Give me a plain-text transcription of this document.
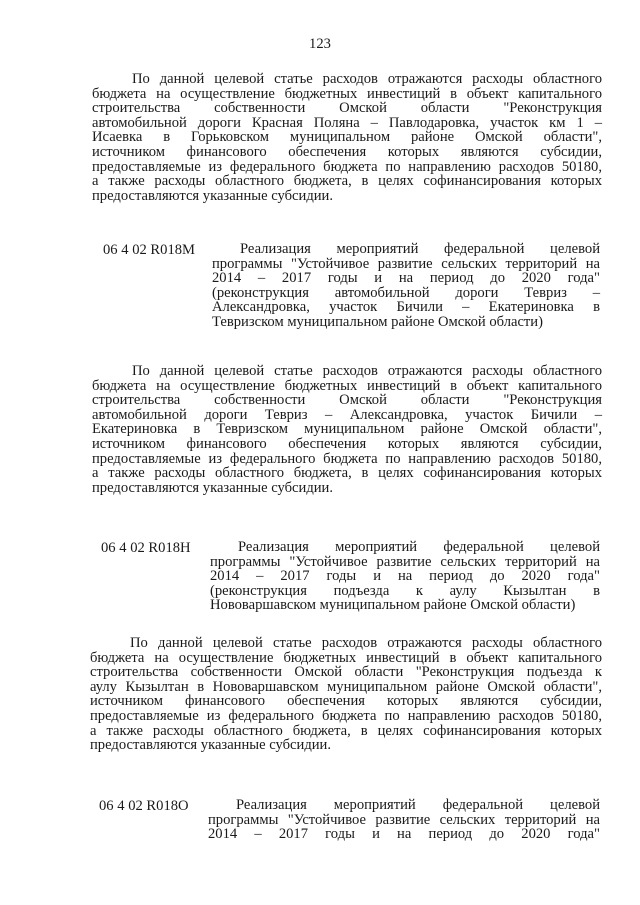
123
По данной целевой статье расходов отражаются расходы областного
бюджета на осуществление бюджетных инвестиций в объект капитального
строительства собственности Омской области "Реконструкция
автомобильной дороги Красная Поляна – Павлодаровка, участок км 1 –
Исаевка в Горьковском муниципальном районе Омской области",
источником финансового обеспечения которых являются субсидии,
предоставляемые из федерального бюджета по направлению расходов 50180,
а также расходы областного бюджета, в целях софинансирования которых
предоставляются указанные субсидии.
06 4 02 R018M	Реализация мероприятий федеральной целевой
программы "Устойчивое развитие сельских территорий на
2014 – 2017 годы и на период до 2020 года"
(реконструкция автомобильной дороги Тевриз –
Александровка, участок Бичили – Екатериновка в
Тевризском муниципальном районе Омской области)
По данной целевой статье расходов отражаются расходы областного
бюджета на осуществление бюджетных инвестиций в объект капитального
строительства собственности Омской области "Реконструкция
автомобильной дороги Тевриз – Александровка, участок Бичили –
Екатериновка в Тевризском муниципальном районе Омской области",
источником финансового обеспечения которых являются субсидии,
предоставляемые из федерального бюджета по направлению расходов 50180,
а также расходы областного бюджета, в целях софинансирования которых
предоставляются указанные субсидии.
06 4 02 R018H	Реализация мероприятий федеральной целевой
программы "Устойчивое развитие сельских территорий на
2014 – 2017 годы и на период до 2020 года"
(реконструкция подъезда к аулу Кызылтан в
Нововаршавском муниципальном районе Омской области)
По данной целевой статье расходов отражаются расходы областного
бюджета на осуществление бюджетных инвестиций в объект капитального
строительства собственности Омской области "Реконструкция подъезда к
аулу Кызылтан в Нововаршавском муниципальном районе Омской области",
источником финансового обеспечения которых являются субсидии,
предоставляемые из федерального бюджета по направлению расходов 50180,
а также расходы областного бюджета, в целях софинансирования которых
предоставляются указанные субсидии.
06 4 02 R018O	Реализация мероприятий федеральной целевой
программы "Устойчивое развитие сельских территорий на
2014 – 2017 годы и на период до 2020 года"
